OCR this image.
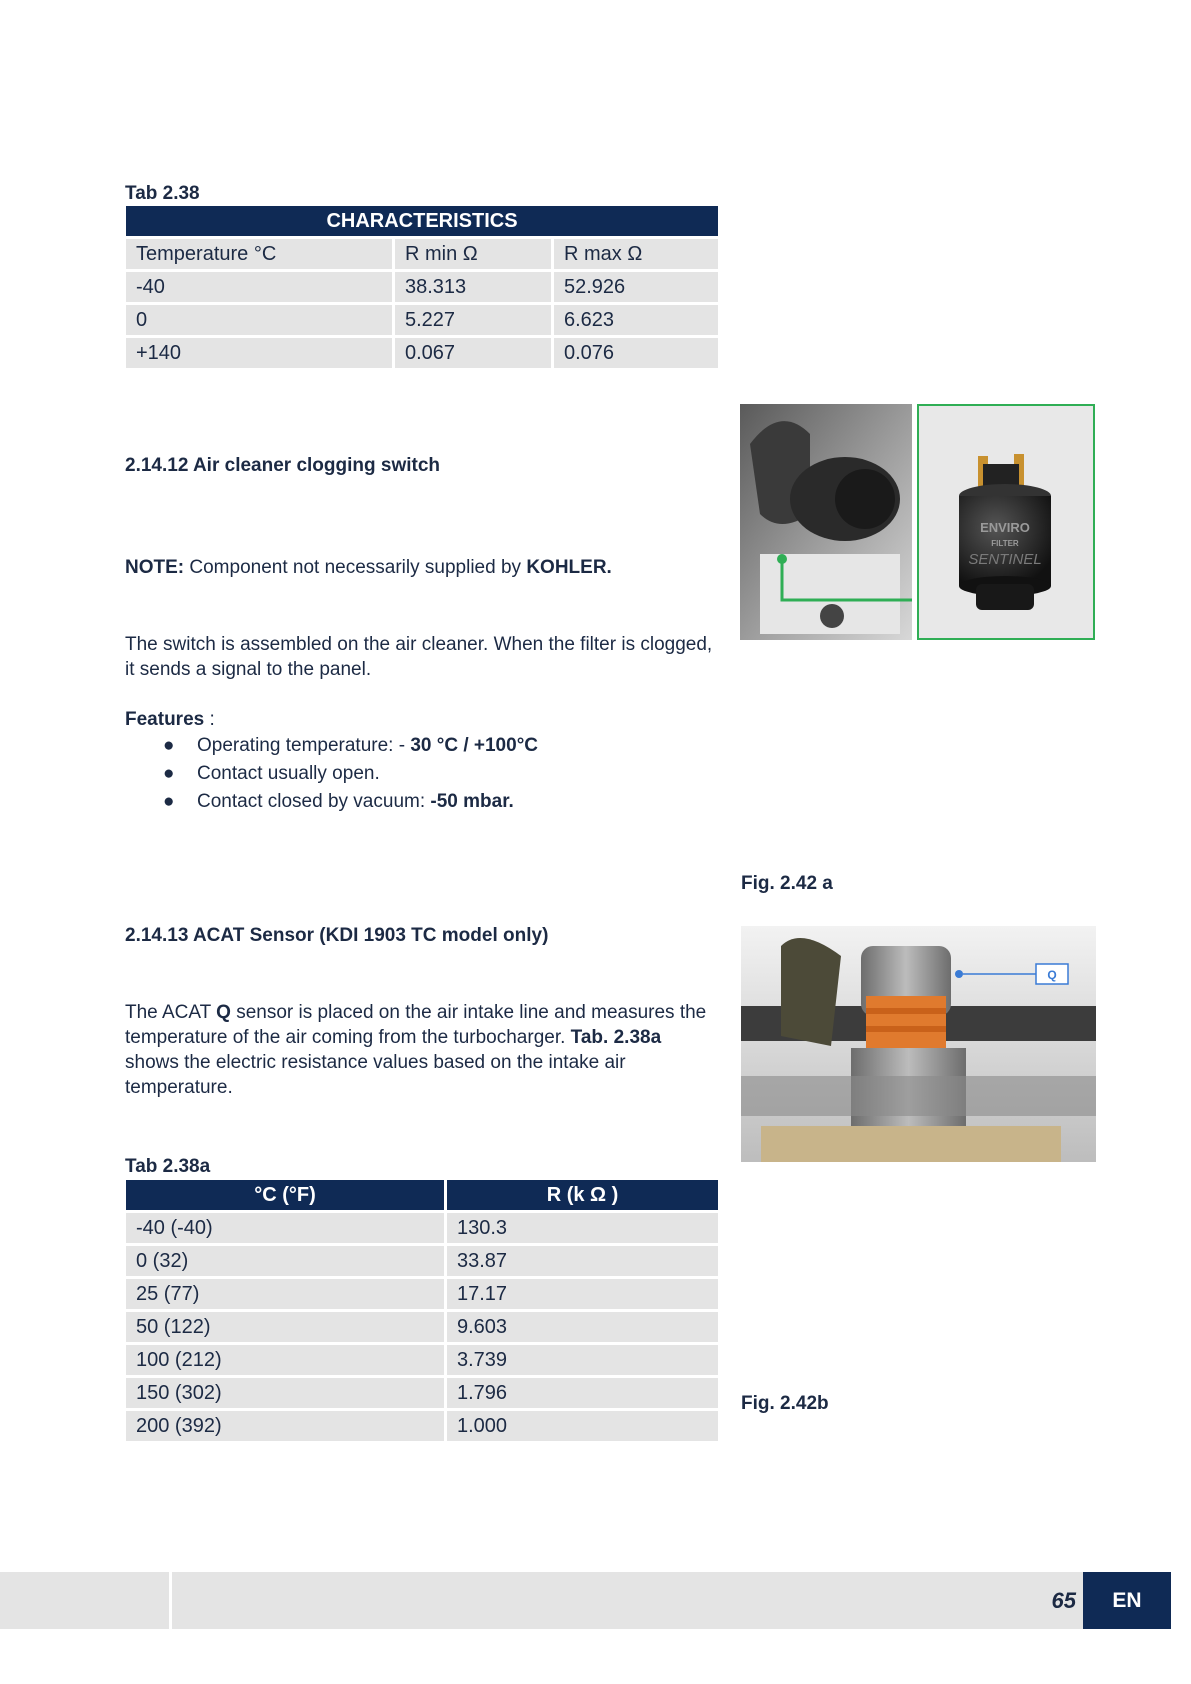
Tab 2.38
CHARACTERISTICS		
Temperature °C	R min Ω	R max Ω
-40	38.313	52.926
0	5.227	6.623
+140	0.067	0.076
2.14.12 Air cleaner clogging switch
NOTE: Component not necessarily supplied by KOHLER.
The switch is assembled on the air cleaner. When the filter is clogged, it sends a signal to the panel.
Features :
● Operating temperature: - 30 °C / +100°C
● Contact usually open.
● Contact closed by vacuum: -50 mbar.
ENVIRO
FILTER
SENTINEL
Fig. 2.42 a
2.14.13 ACAT Sensor (KDI 1903 TC model only)
The ACAT Q sensor is placed on the air intake line and measures the temperature of the air coming from the turbocharger. Tab. 2.38a shows the electric resistance values based on the intake air temperature.
Q
Fig. 2.42b
Tab 2.38a
°C (°F)	R (k Ω )
-40 (-40)	130.3
0 (32)	33.87
25 (77)	17.17
50 (122)	9.603
100 (212)	3.739
150 (302)	1.796
200 (392)	1.000
65	EN
